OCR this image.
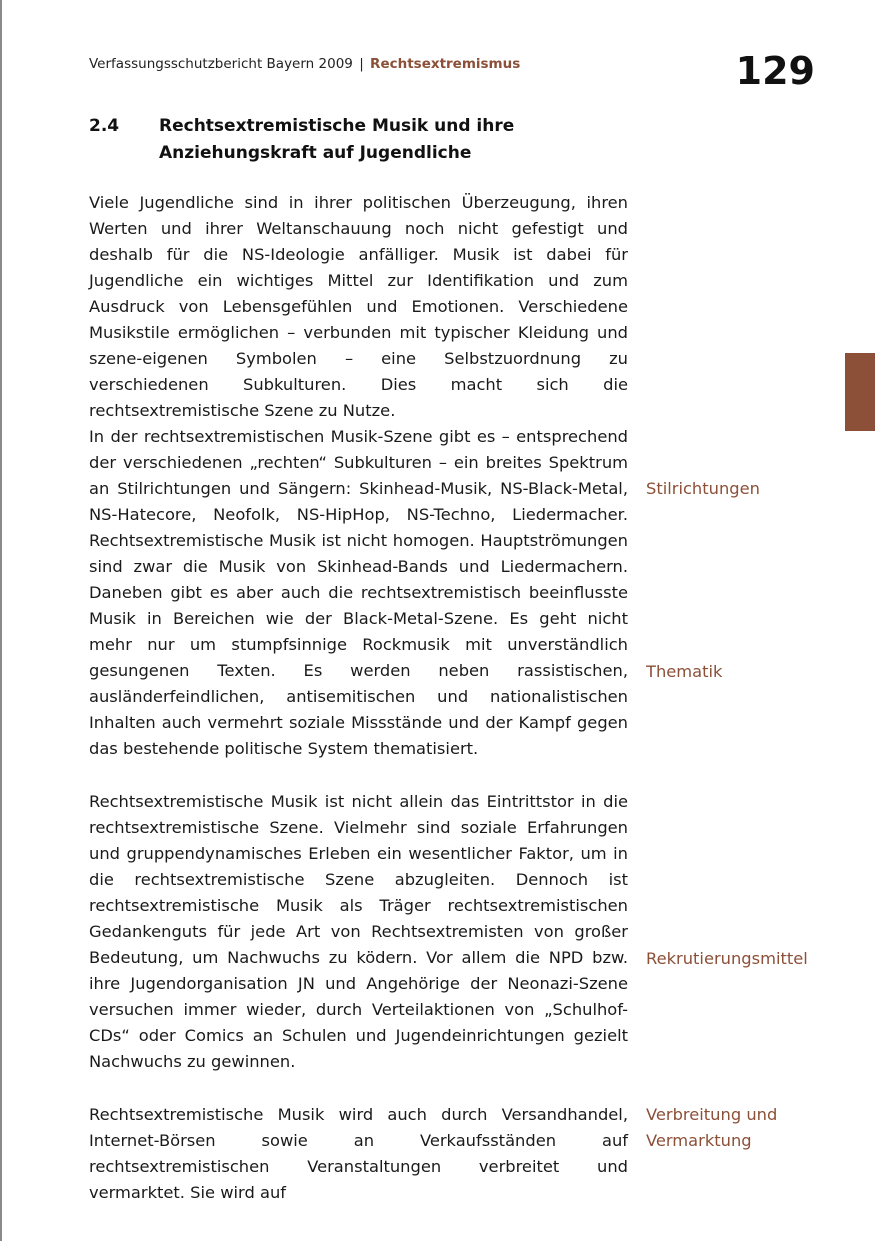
Verfassungsschutzbericht Bayern 2009 | Rechtsextremismus	129
2.4 Rechtsextremistische Musik und ihre Anziehungskraft auf Jugendliche

Viele Jugendliche sind in ihrer politischen Überzeugung, ihren Werten und ihrer Weltanschauung noch nicht gefestigt und deshalb für die NS-Ideologie anfälliger. Musik ist dabei für Jugendliche ein wichtiges Mittel zur Identifikation und zum Ausdruck von Lebensgefühlen und Emotionen. Verschiedene Musikstile ermöglichen – verbunden mit typischer Kleidung und szene-eigenen Symbolen – eine Selbstzuordnung zu verschiedenen Subkulturen. Dies macht sich die rechtsextremistische Szene zu Nutze.

In der rechtsextremistischen Musik-Szene gibt es – entsprechend der verschiedenen „rechten“ Subkulturen – ein breites Spektrum an Stilrichtungen und Sängern: Skinhead-Musik, NS-Black-Metal, NS-Hatecore, Neofolk, NS-HipHop, NS-Techno, Liedermacher. Rechtsextremistische Musik ist nicht homogen. Hauptströmungen sind zwar die Musik von Skinhead-Bands und Liedermachern. Daneben gibt es aber auch die rechtsextremistisch beeinflusste Musik in Bereichen wie der Black-Metal-Szene. Es geht nicht mehr nur um stumpfsinnige Rockmusik mit unverständlich gesungenen Texten. Es werden neben rassistischen, ausländerfeindlichen, antisemitischen und nationalistischen Inhalten auch vermehrt soziale Missstände und der Kampf gegen das bestehende politische System thematisiert.

Rechtsextremistische Musik ist nicht allein das Eintrittstor in die rechtsextremistische Szene. Vielmehr sind soziale Erfahrungen und gruppendynamisches Erleben ein wesentlicher Faktor, um in die rechtsextremistische Szene abzugleiten. Dennoch ist rechtsextremistische Musik als Träger rechtsextremistischen Gedankenguts für jede Art von Rechtsextremisten von großer Bedeutung, um Nachwuchs zu ködern. Vor allem die NPD bzw. ihre Jugendorganisation JN und Angehörige der Neonazi-Szene versuchen immer wieder, durch Verteilaktionen von „Schulhof-CDs“ oder Comics an Schulen und Jugendeinrichtungen gezielt Nachwuchs zu gewinnen.

Rechtsextremistische Musik wird auch durch Versandhandel, Internet-Börsen sowie an Verkaufsständen auf rechtsextremistischen Veranstaltungen verbreitet und vermarktet. Sie wird auf

Stilrichtungen
Thematik
Rekrutierungsmittel
Verbreitung und
Vermarktung
